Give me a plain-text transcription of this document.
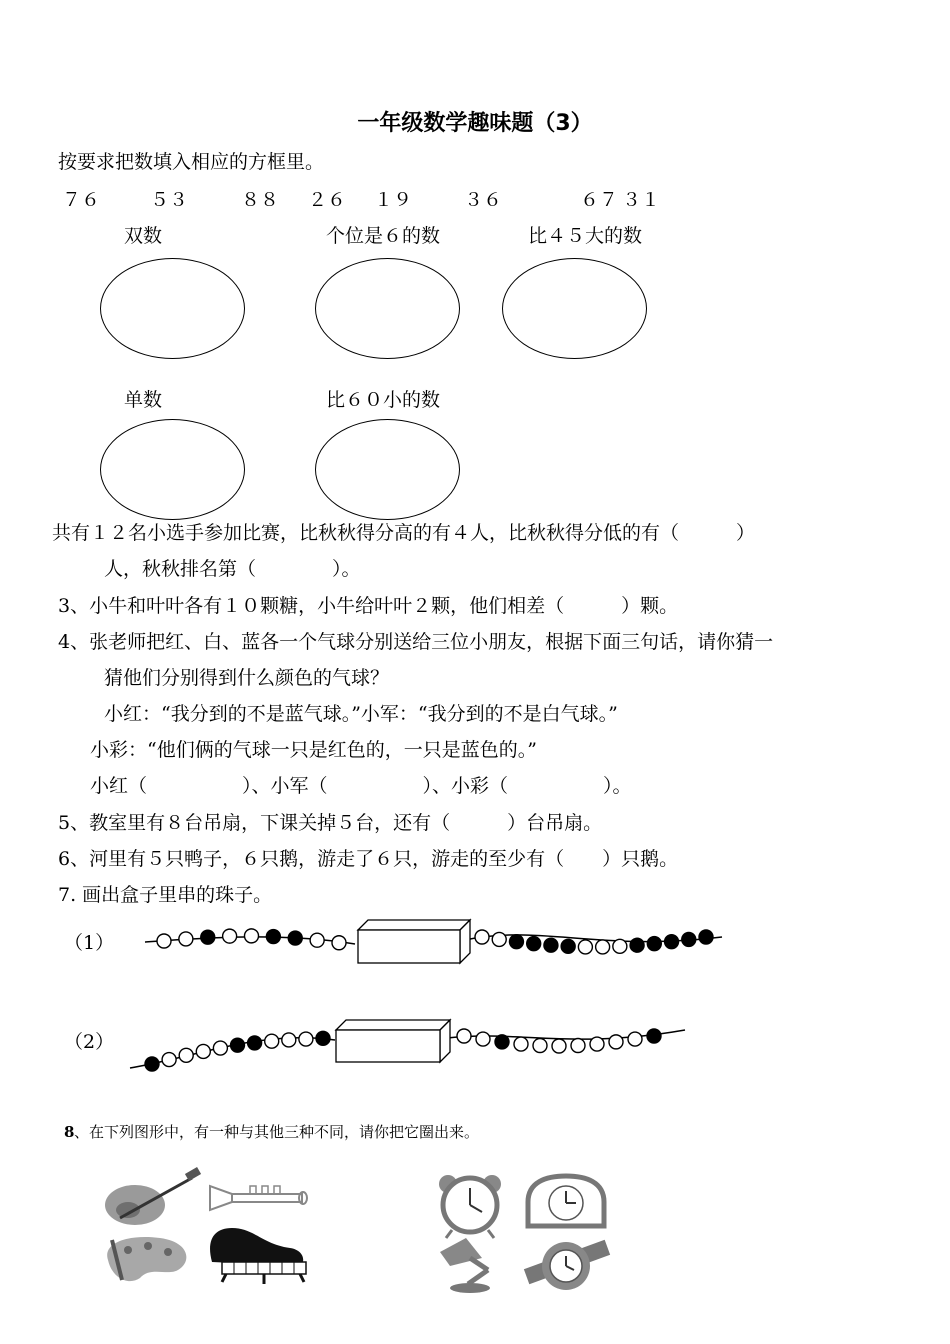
一年级数学趣味题（3）
按要求把数填入相应的方框里。
７６	５３	８８ ２６ １９	３６	６７ ３１
双数	个位是６的数	比４５大的数
单数	比６０小的数
共有１２名小选手参加比赛，比秋秋得分高的有４人，比秋秋得分低的有（　　　）
人，秋秋排名第（　　　　）。
3、小牛和叶叶各有１０颗糖，小牛给叶叶２颗，他们相差（　　　）颗。
4、张老师把红、白、蓝各一个气球分别送给三位小朋友，根据下面三句话，请你猜一
猜他们分别得到什么颜色的气球？
小红：“我分到的不是蓝气球。”小军：“我分到的不是白气球。”
小彩：“他们俩的气球一只是红色的，一只是蓝色的。”
小红（　　　　　）、小军（　　　　　）、小彩（　　　　　）。
5、教室里有８台吊扇，下课关掉５台，还有（　　　）台吊扇。
6、河里有５只鸭子，６只鹅，游走了６只，游走的至少有（　　）只鹅。
7. 画出盒子里串的珠子。
（1）
（2）
8 、在下列图形中，有一种与其他三种不同，请你把它圈出来。
